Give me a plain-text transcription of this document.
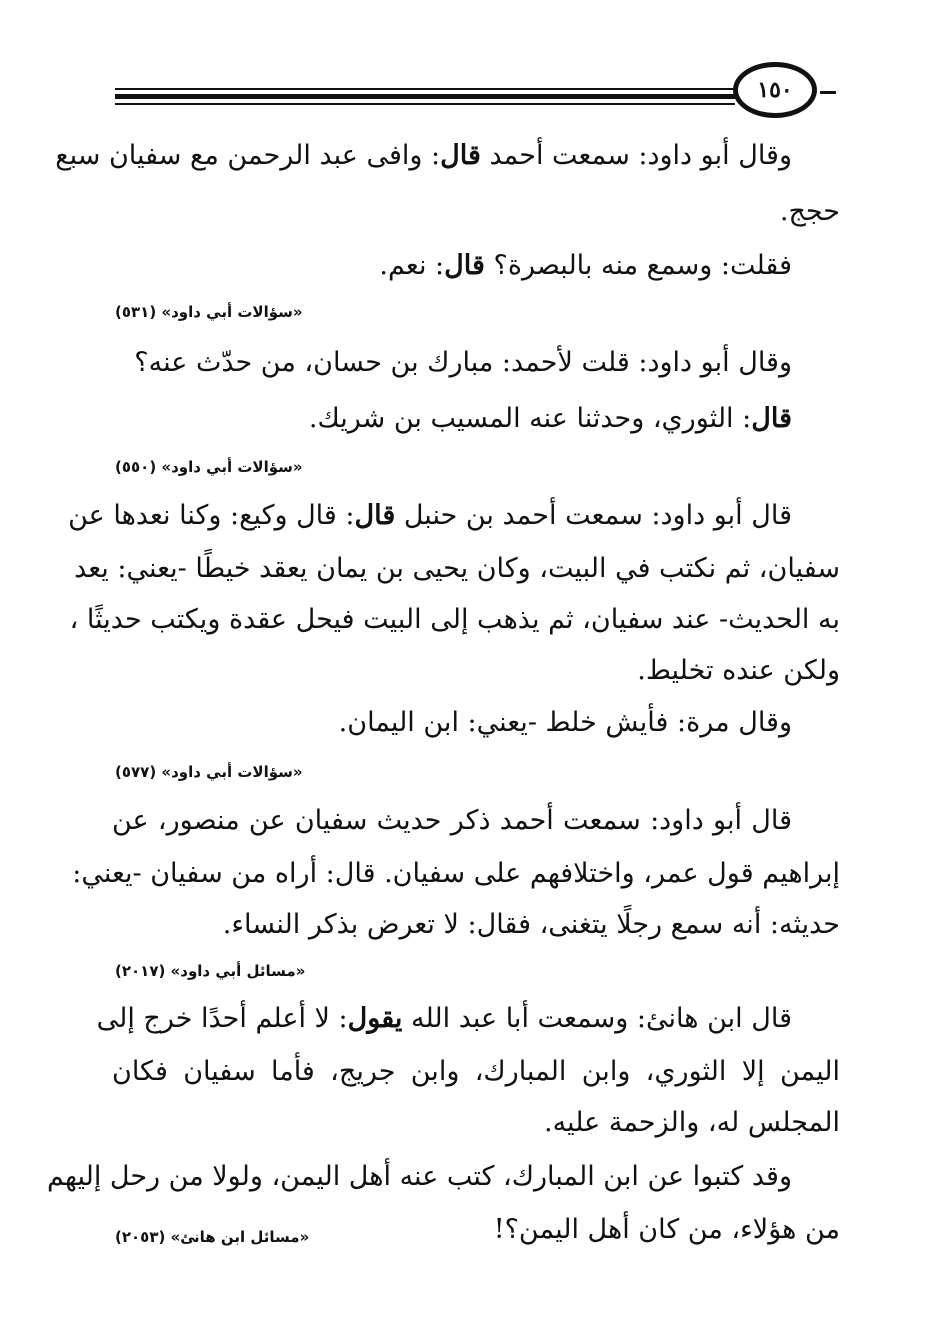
١٥٠
وقال أبو داود: سمعت أحمد قال: وافى عبد الرحمن مع سفيان سبع
حجج.
فقلت: وسمع منه بالبصرة؟ قال: نعم.
«سؤالات أبي داود» (٥٣١)
وقال أبو داود: قلت لأحمد: مبارك بن حسان، من حدّث عنه؟
قال: الثوري، وحدثنا عنه المسيب بن شريك.
«سؤالات أبي داود» (٥٥٠)
قال أبو داود: سمعت أحمد بن حنبل قال: قال وكيع: وكنا نعدها عن
سفيان، ثم نكتب في البيت، وكان يحيى بن يمان يعقد خيطًا -يعني: يعد
به الحديث- عند سفيان، ثم يذهب إلى البيت فيحل عقدة ويكتب حديثًا ،
ولكن عنده تخليط.
وقال مرة: فأيش خلط -يعني: ابن اليمان.
«سؤالات أبي داود» (٥٧٧)
قال أبو داود: سمعت أحمد ذكر حديث سفيان عن منصور، عن
إبراهيم قول عمر، واختلافهم على سفيان. قال: أراه من سفيان -يعني:
حديثه: أنه سمع رجلًا يتغنى، فقال: لا تعرض بذكر النساء.
«مسائل أبي داود» (٢٠١٧)
قال ابن هانئ: وسمعت أبا عبد الله يقول: لا أعلم أحدًا خرج إلى
اليمن إلا الثوري، وابن المبارك، وابن جريج، فأما سفيان فكان
المجلس له، والزحمة عليه.
وقد كتبوا عن ابن المبارك، كتب عنه أهل اليمن، ولولا من رحل إليهم
من هؤلاء، من كان أهل اليمن؟!
«مسائل ابن هانئ» (٢٠٥٣)
